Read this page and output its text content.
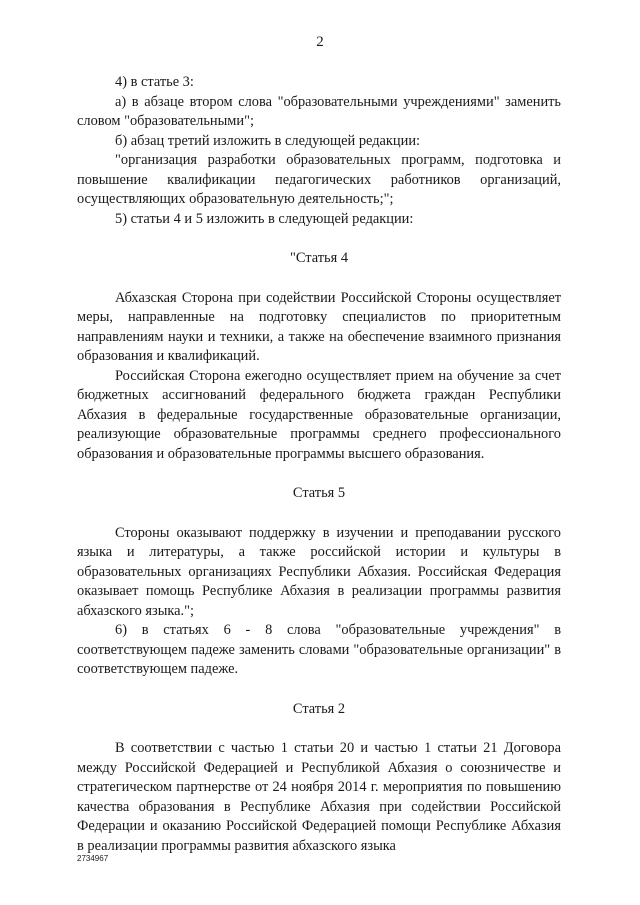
2

4) в статье 3:

а) в абзаце втором слова "образовательными учреждениями" заменить словом "образовательными";

б) абзац третий изложить в следующей редакции:

"организация разработки образовательных программ, подготовка и повышение квалификации педагогических работников организаций, осуществляющих образовательную деятельность;";

5) статьи 4 и 5 изложить в следующей редакции:

"Статья 4

Абхазская Сторона при содействии Российской Стороны осуществляет меры, направленные на подготовку специалистов по приоритетным направлениям науки и техники, а также на обеспечение взаимного признания образования и квалификаций.

Российская Сторона ежегодно осуществляет прием на обучение за счет бюджетных ассигнований федерального бюджета граждан Республики Абхазия в федеральные государственные образовательные организации, реализующие образовательные программы среднего профессионального образования и образовательные программы высшего образования.

Статья 5

Стороны оказывают поддержку в изучении и преподавании русского языка и литературы, а также российской истории и культуры в образовательных организациях Республики Абхазия. Российская Федерация оказывает помощь Республике Абхазия в реализации программы развития абхазского языка.";

6) в статьях 6 - 8 слова "образовательные учреждения" в соответствующем падеже заменить словами "образовательные организации" в соответствующем падеже.

Статья 2

В соответствии с частью 1 статьи 20 и частью 1 статьи 21 Договора между Российской Федерацией и Республикой Абхазия о союзничестве и стратегическом партнерстве от 24 ноября 2014 г. мероприятия по повышению качества образования в Республике Абхазия при содействии Российской Федерации и оказанию Российской Федерацией помощи Республике Абхазия в реализации программы развития абхазского языка

2734967
